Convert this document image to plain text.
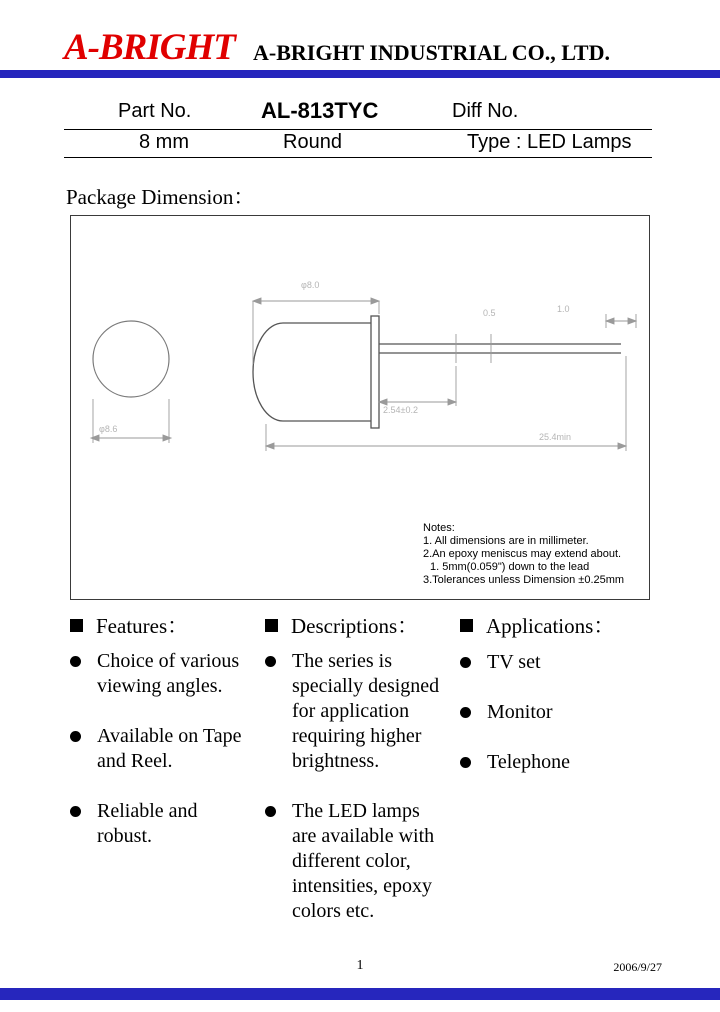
A-BRIGHT A-BRIGHT INDUSTRIAL CO., LTD.
Part No.	AL-813TYC	Diff No.
8 mm	Round	Type : LED Lamps
Package Dimension：
φ8.0
0.5	1.0
2.54±0.2
φ8.6
25.4min
Notes:
1. All dimensions are in millimeter.
2.An epoxy meniscus may extend about.
1. 5mm(0.059") down to the lead
3.Tolerances unless Dimension ±0.25mm
Features：
Choice of various viewing angles.
Available on Tape and Reel.
Reliable and robust.
Descriptions：
The series is specially designed for application requiring higher brightness.
The LED lamps are available with different color, intensities, epoxy colors etc.
Applications：
TV set
Monitor
Telephone
1	2006/9/27
